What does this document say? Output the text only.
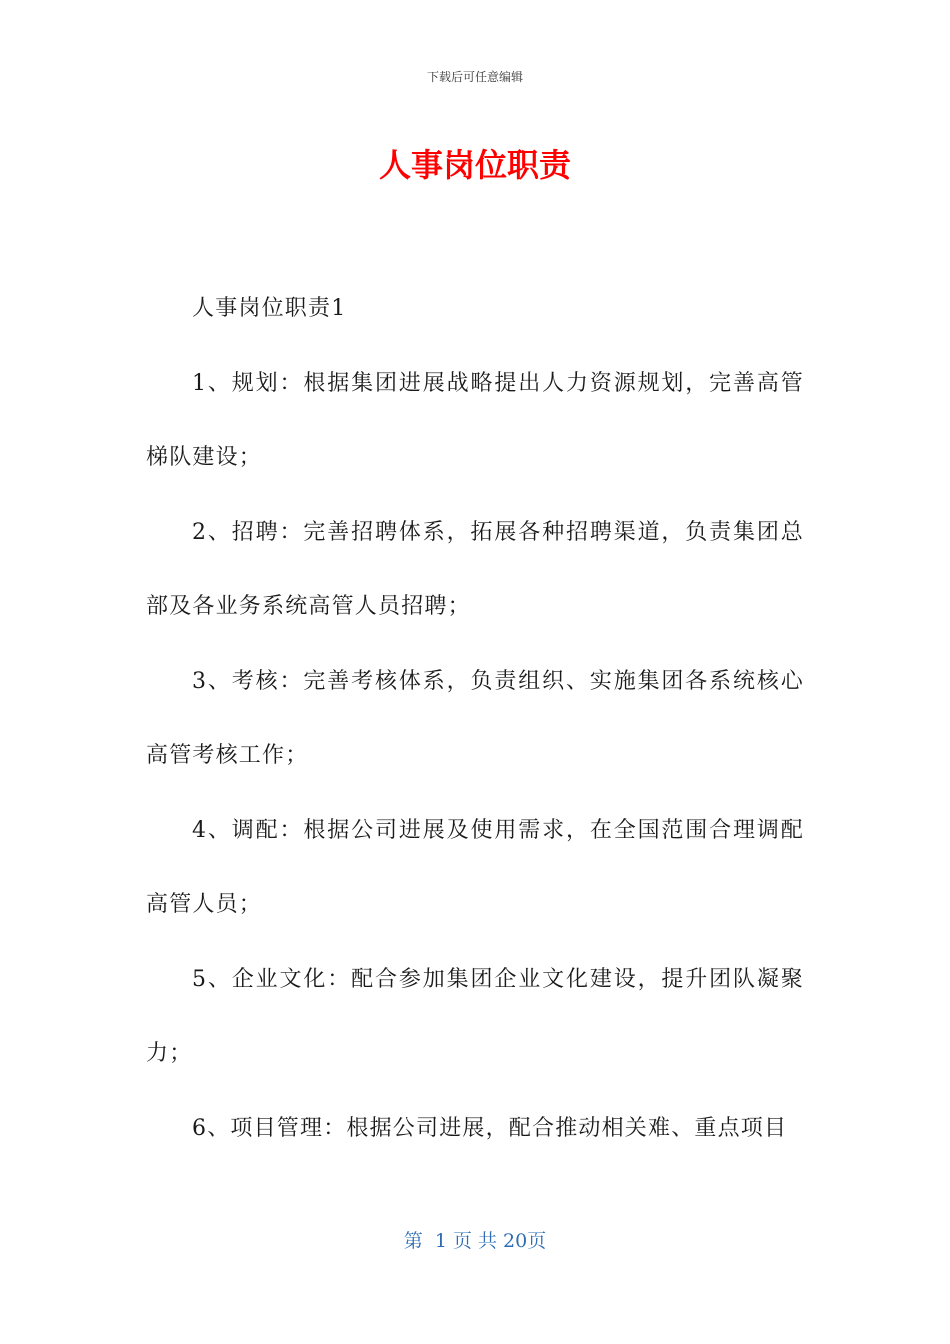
下载后可任意编辑
人事岗位职责

人事岗位职责1

1、规划：根据集团进展战略提出人力资源规划，完善高管梯队建设；

2、招聘：完善招聘体系，拓展各种招聘渠道，负责集团总部及各业务系统高管人员招聘；

3、考核：完善考核体系，负责组织、实施集团各系统核心高管考核工作；

4、调配：根据公司进展及使用需求，在全国范围合理调配高管人员；

5、企业文化：配合参加集团企业文化建设，提升团队凝聚力；

6、项目管理：根据公司进展，配合推动相关难、重点项目

第  1 页 共 20页
